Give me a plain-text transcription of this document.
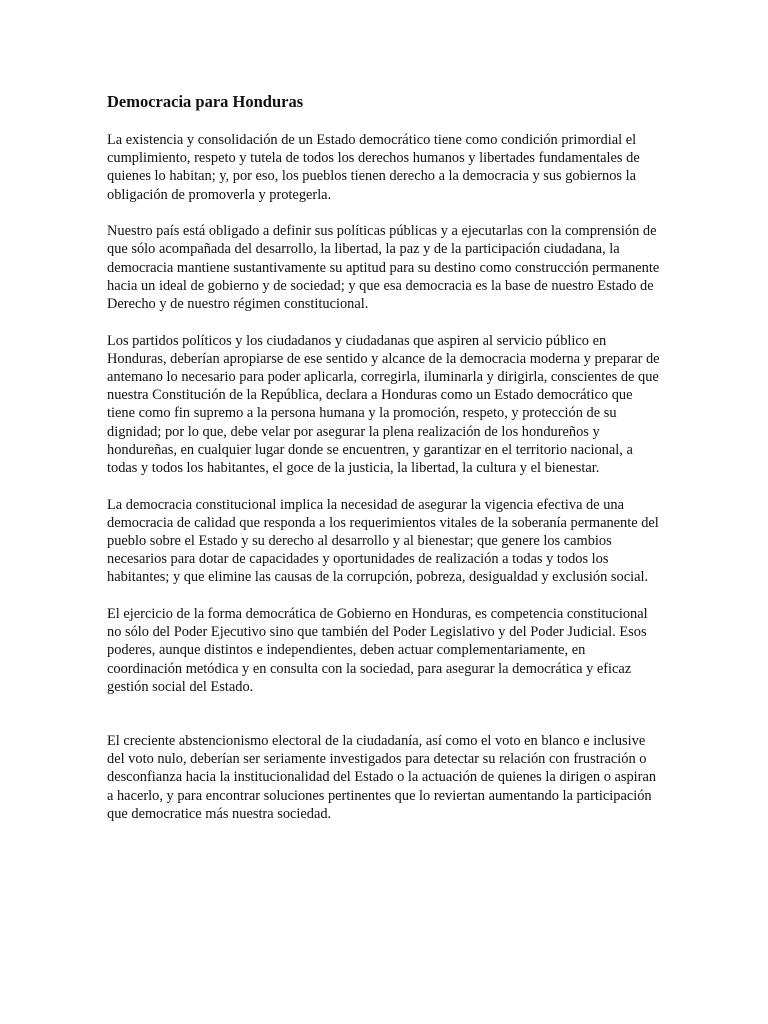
Democracia para Honduras

La existencia y consolidación de un Estado democrático tiene como condición primordial el cumplimiento, respeto y tutela de todos los derechos humanos y libertades fundamentales de quienes lo habitan; y, por eso, los pueblos tienen derecho a la democracia y sus gobiernos la obligación de promoverla y protegerla.

Nuestro país está obligado a definir sus políticas públicas y a ejecutarlas con la comprensión de que sólo acompañada del desarrollo, la libertad, la paz y de la participación ciudadana, la democracia mantiene sustantivamente su aptitud para su destino como construcción permanente hacia un ideal de gobierno y de sociedad; y que esa democracia es la base de nuestro Estado de Derecho y de nuestro régimen constitucional.

Los partidos políticos y los ciudadanos y ciudadanas que aspiren al servicio público en Honduras, deberían apropiarse de ese sentido y alcance de la democracia moderna y preparar de antemano lo necesario para poder aplicarla, corregirla, iluminarla y dirigirla, conscientes de que nuestra Constitución de la República, declara a Honduras como un Estado democrático que tiene como fin supremo a la persona humana y la promoción, respeto, y protección de su dignidad; por lo que, debe velar por asegurar la plena realización de los hondureños y hondureñas, en cualquier lugar donde se encuentren, y garantizar en el territorio nacional, a todas y todos los habitantes, el goce de la justicia, la libertad, la cultura y el bienestar.

La democracia constitucional implica la necesidad de asegurar la vigencia efectiva de una democracia de calidad que responda a los requerimientos vitales de la soberanía permanente del pueblo sobre el Estado y su derecho al desarrollo y al bienestar; que genere los cambios necesarios para dotar de capacidades y oportunidades de realización a todas y todos los habitantes; y que elimine las causas de la corrupción, pobreza, desigualdad y exclusión social.

El ejercicio de la forma democrática de Gobierno en Honduras, es competencia constitucional no sólo del Poder Ejecutivo sino que también del Poder Legislativo y del Poder Judicial. Esos poderes, aunque distintos e independientes, deben actuar complementariamente, en coordinación metódica y en consulta con la sociedad, para asegurar la democrática y eficaz gestión social del Estado.

El creciente abstencionismo electoral de la ciudadanía, así como el voto en blanco e inclusive del voto nulo, deberían ser seriamente investigados para detectar su relación con frustración o desconfianza hacia la institucionalidad del Estado o la actuación de quienes la dirigen o aspiran a hacerlo, y para encontrar soluciones pertinentes que lo reviertan aumentando la participación que democratice más nuestra sociedad.
